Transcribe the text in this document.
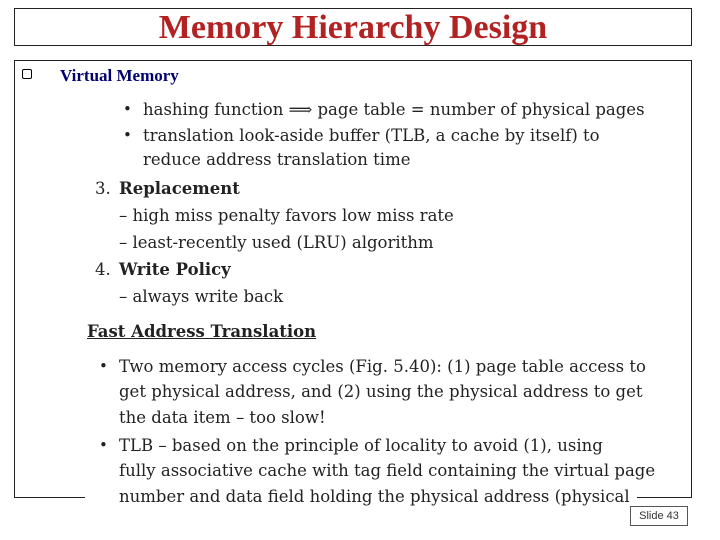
Memory Hierarchy Design
Virtual Memory
• hashing function ⟹ page table = number of physical pages
• translation look-aside buffer (TLB, a cache by itself) to
reduce address translation time
3. Replacement
– high miss penalty favors low miss rate
– least-recently used (LRU) algorithm
4. Write Policy
– always write back
Fast Address Translation
• Two memory access cycles (Fig. 5.40): (1) page table access to
get physical address, and (2) using the physical address to get
the data item – too slow!
• TLB – based on the principle of locality to avoid (1), using
fully associative cache with tag field containing the virtual page
number and data field holding the physical address (physical
Slide 43
